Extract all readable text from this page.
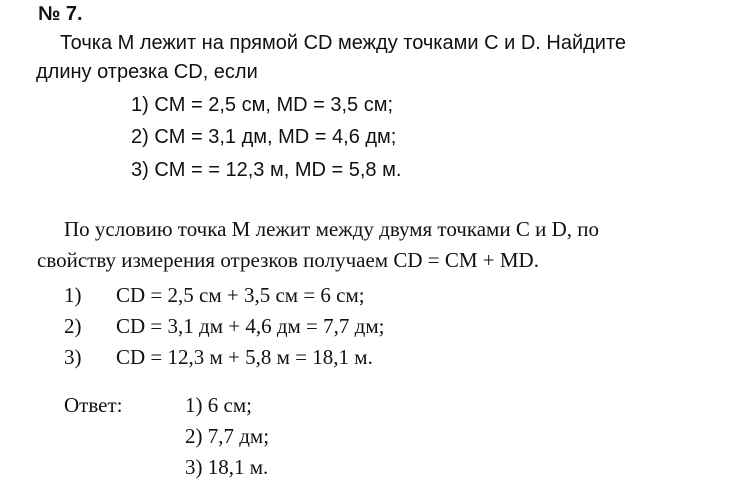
№ 7.
Точка M лежит на прямой CD между точками C и D. Найдите
длину отрезка CD, если
1) CM = 2,5 см, MD = 3,5 см;
2) CM = 3,1 дм, MD = 4,6 дм;
3) CM = = 12,3 м, MD = 5,8 м.
По условию точка M лежит между двумя точками C и D, по
свойству измерения отрезков получаем CD = CM + MD.
1) CD = 2,5 см + 3,5 см = 6 см;
2) CD = 3,1 дм + 4,6 дм = 7,7 дм;
3) CD = 12,3 м + 5,8 м = 18,1 м.
Ответ:	1) 6 см;
2) 7,7 дм;
3) 18,1 м.
